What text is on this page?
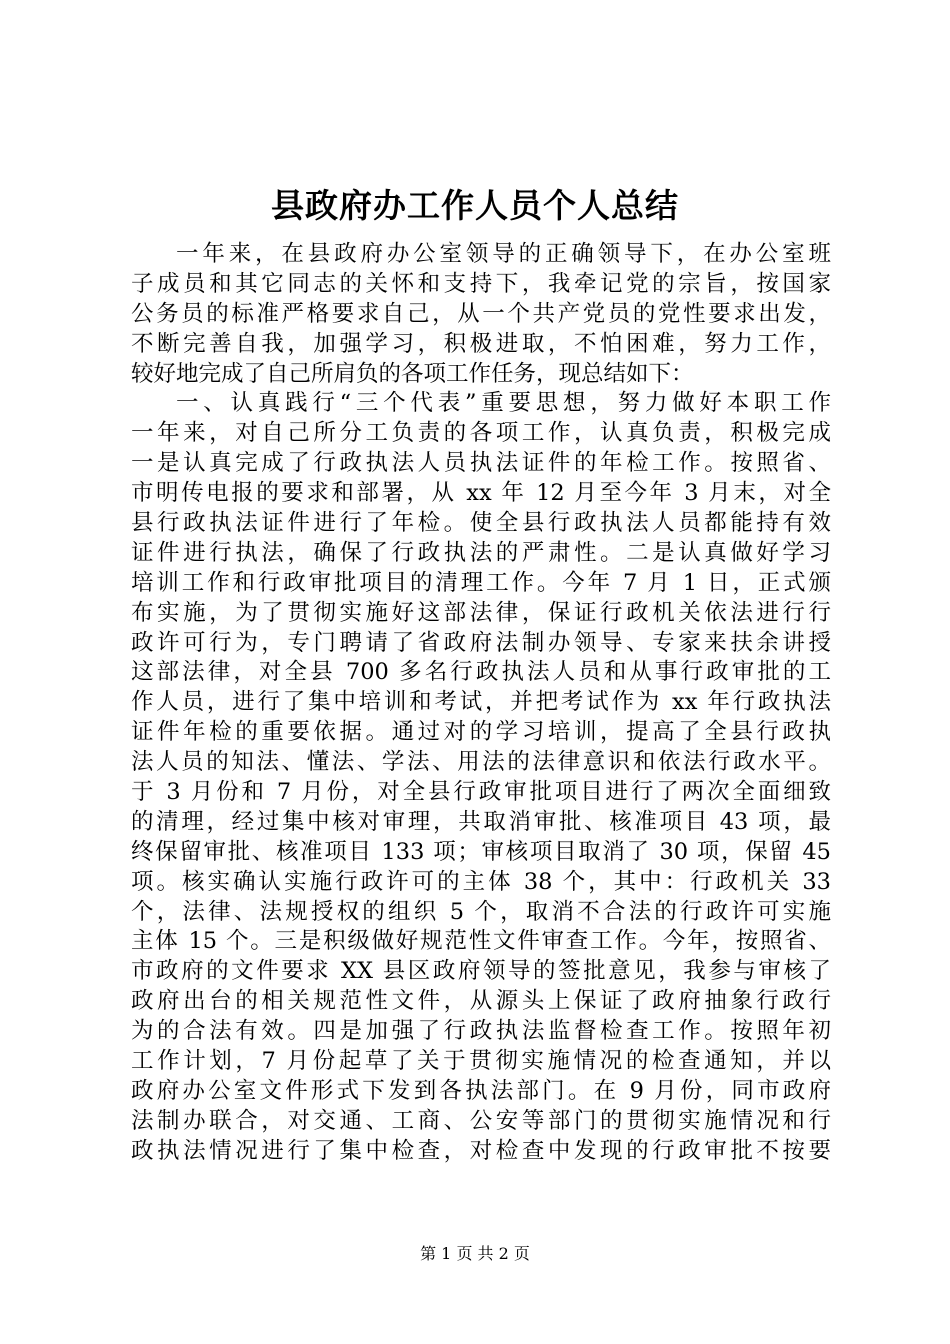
县政府办工作人员个人总结
一年来，在县政府办公室领导的正确领导下，在办公室班
子成员和其它同志的关怀和支持下，我牵记党的宗旨，按国家
公务员的标准严格要求自己，从一个共产党员的党性要求出发，
不断完善自我，加强学习，积极进取，不怕困难，努力工作，
较好地完成了自己所肩负的各项工作任务，现总结如下：
一、认真践行“三个代表”重要思想，努力做好本职工作
一年来，对自己所分工负责的各项工作，认真负责，积极完成
一是认真完成了行政执法人员执法证件的年检工作。按照省、
市明传电报的要求和部署，从 xx 年 12 月至今年 3 月末，对全
县行政执法证件进行了年检。使全县行政执法人员都能持有效
证件进行执法，确保了行政执法的严肃性。二是认真做好学习
培训工作和行政审批项目的清理工作。今年 7 月 1 日，正式颁
布实施，为了贯彻实施好这部法律，保证行政机关依法进行行
政许可行为，专门聘请了省政府法制办领导、专家来扶余讲授
这部法律，对全县 700 多名行政执法人员和从事行政审批的工
作人员，进行了集中培训和考试，并把考试作为 xx 年行政执法
证件年检的重要依据。通过对的学习培训，提高了全县行政执
法人员的知法、懂法、学法、用法的法律意识和依法行政水平。
于 3 月份和 7 月份，对全县行政审批项目进行了两次全面细致
的清理，经过集中核对审理，共取消审批、核准项目 43 项，最
终保留审批、核准项目 133 项；审核项目取消了 30 项，保留 45
项。核实确认实施行政许可的主体 38 个，其中：行政机关 33
个，法律、法规授权的组织 5 个，取消不合法的行政许可实施
主体 15 个。三是积级做好规范性文件审查工作。今年，按照省、
市政府的文件要求 XX 县区政府领导的签批意见，我参与审核了
政府出台的相关规范性文件，从源头上保证了政府抽象行政行
为的合法有效。四是加强了行政执法监督检查工作。按照年初
工作计划，7 月份起草了关于贯彻实施情况的检查通知，并以
政府办公室文件形式下发到各执法部门。在 9 月份，同市政府
法制办联合，对交通、工商、公安等部门的贯彻实施情况和行
政执法情况进行了集中检查，对检查中发现的行政审批不按要
第 1 页 共 2 页
